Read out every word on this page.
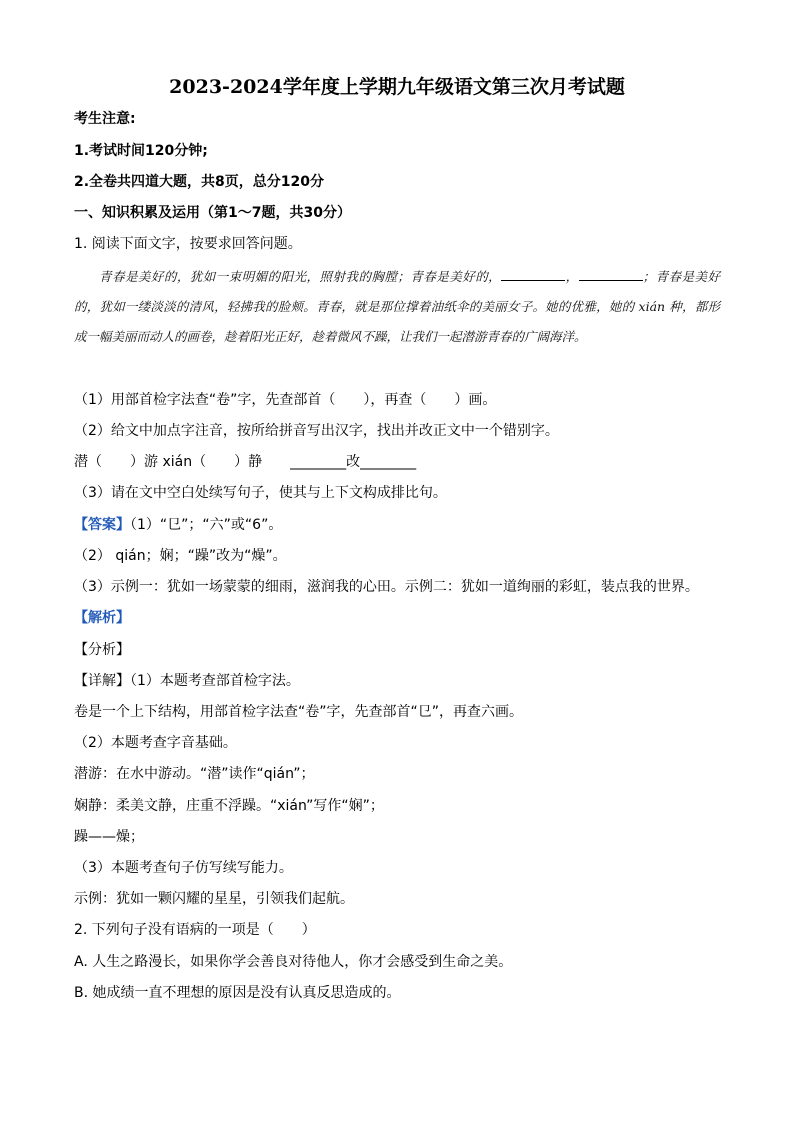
2023-2024学年度上学期九年级语文第三次月考试题
考生注意:
1.考试时间120分钟;
2.全卷共四道大题，共8页，总分120分
一、知识积累及运用（第1～7题，共30分）
1. 阅读下面文字，按要求回答问题。
青春是美好的，犹如一束明媚的阳光，照射我的胸膛；青春是美好的，	，	；青春是美好的，犹如一缕淡淡的清风，轻拂我的脸颊。青春，就是那位撑着油纸伞的美丽女子。她的优雅，她的 xián 种，都形成一幅美丽而动人的画卷，趁着阳光正好，趁着微风不躁，让我们一起潜游青春的广阔海洋。
（1）用部首检字法查“卷”字，先查部首（　　），再查（　　）画。
（2）给文中加点字注音，按所给拼音写出汉字，找出并改正文中一个错别字。
潜（　　）游 xián（　　）静　　________改________
（3）请在文中空白处续写句子，使其与上下文构成排比句。
【答案】（1）“㔾”；“六”或“6”。
（2） qián；娴；“躁”改为“燥”。
（3）示例一：犹如一场蒙蒙的细雨，滋润我的心田。示例二：犹如一道绚丽的彩虹，装点我的世界。
【解析】
【分析】
【详解】（1）本题考查部首检字法。
卷是一个上下结构，用部首检字法查“卷”字，先查部首“㔾”，再查六画。
（2）本题考查字音基础。
潜游：在水中游动。“潜”读作“qián”；
娴静：柔美文静，庄重不浮躁。“xián”写作“娴”；
躁——燥；
（3）本题考查句子仿写续写能力。
示例：犹如一颗闪耀的星星，引领我们起航。
2. 下列句子没有语病的一项是（　　）
A. 人生之路漫长，如果你学会善良对待他人，你才会感受到生命之美。
B. 她成绩一直不理想的原因是没有认真反思造成的。
